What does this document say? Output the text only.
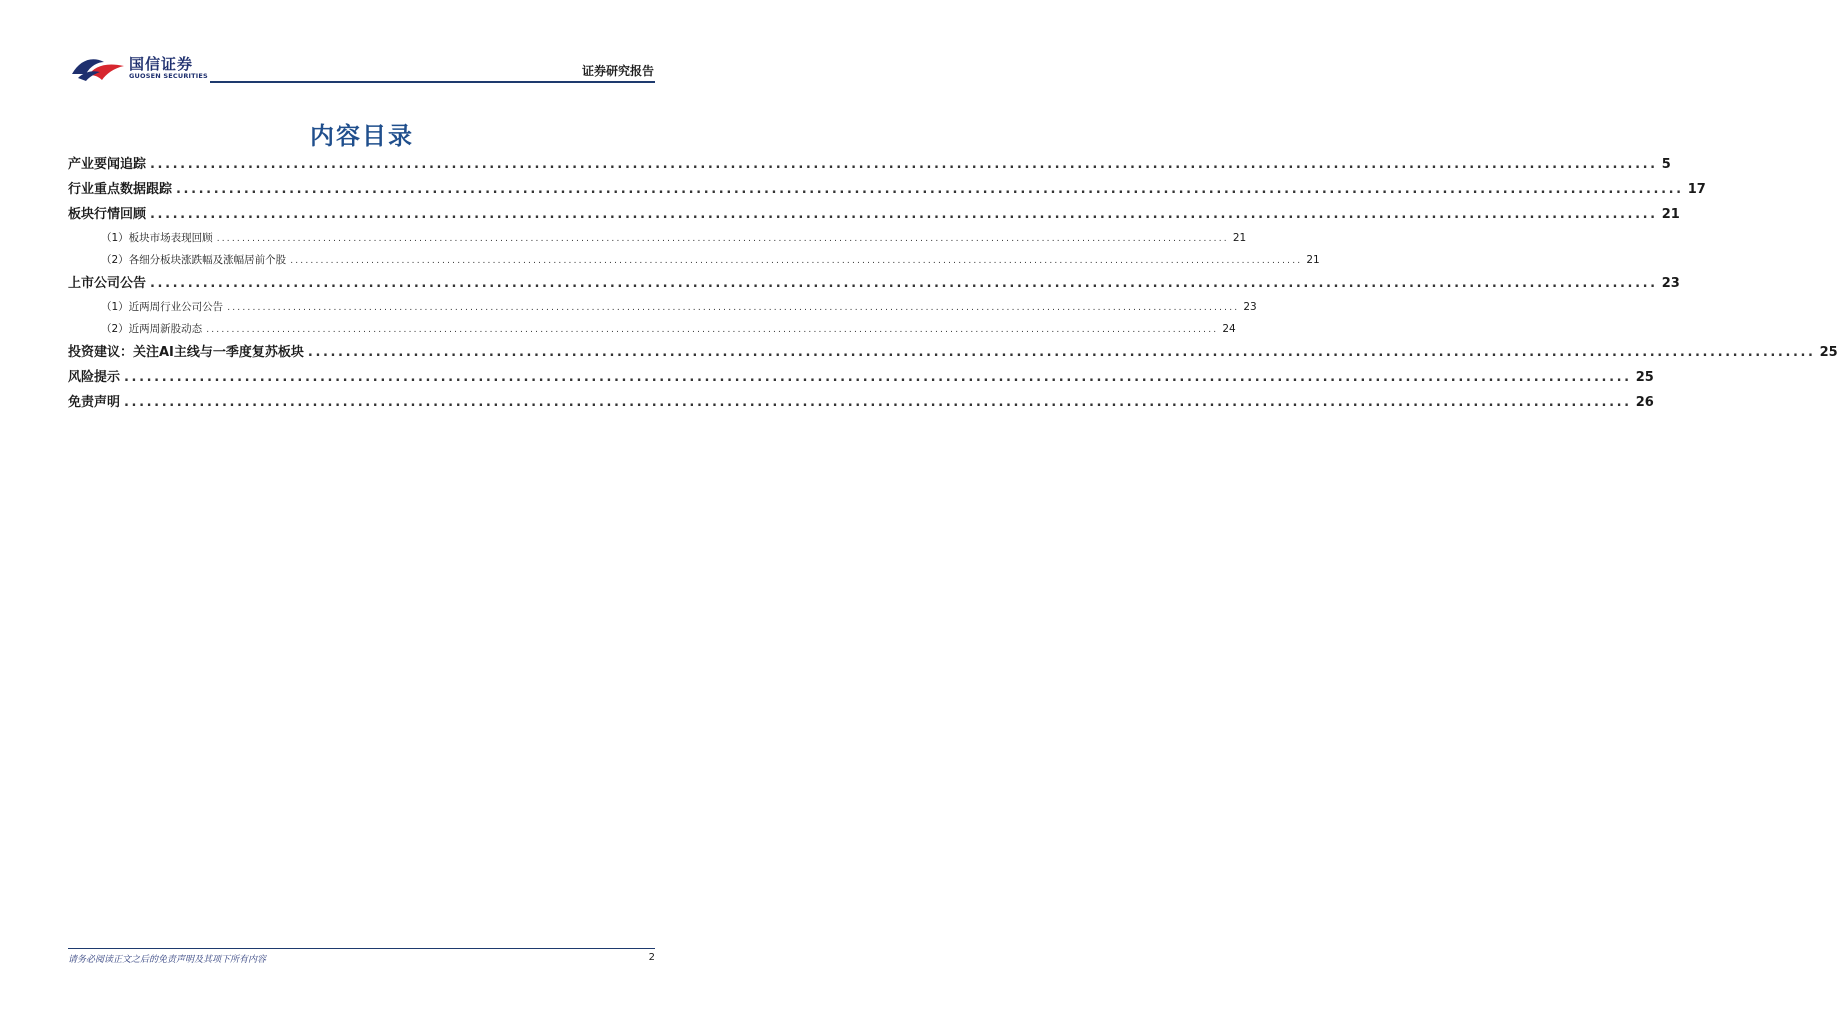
国信证券
GUOSEN SECURITIES	证券研究报告
内容目录
产业要闻追踪 ........................................................................................................................................................................................................ 5
行业重点数据跟踪 ........................................................................................................................................................................................................ 17
板块行情回顾 ........................................................................................................................................................................................................ 21
（1）板块市场表现回顾 ........................................................................................................................................................................................................ 21
（2）各细分板块涨跌幅及涨幅居前个股 ........................................................................................................................................................................................................ 21
上市公司公告 ........................................................................................................................................................................................................ 23
（1）近两周行业公司公告 ........................................................................................................................................................................................................ 23
（2）近两周新股动态 ........................................................................................................................................................................................................ 24
投资建议：关注AI主线与一季度复苏板块 ........................................................................................................................................................................................................ 25
风险提示 ........................................................................................................................................................................................................ 25
免责声明 ........................................................................................................................................................................................................ 26
请务必阅读正文之后的免责声明及其项下所有内容	2
